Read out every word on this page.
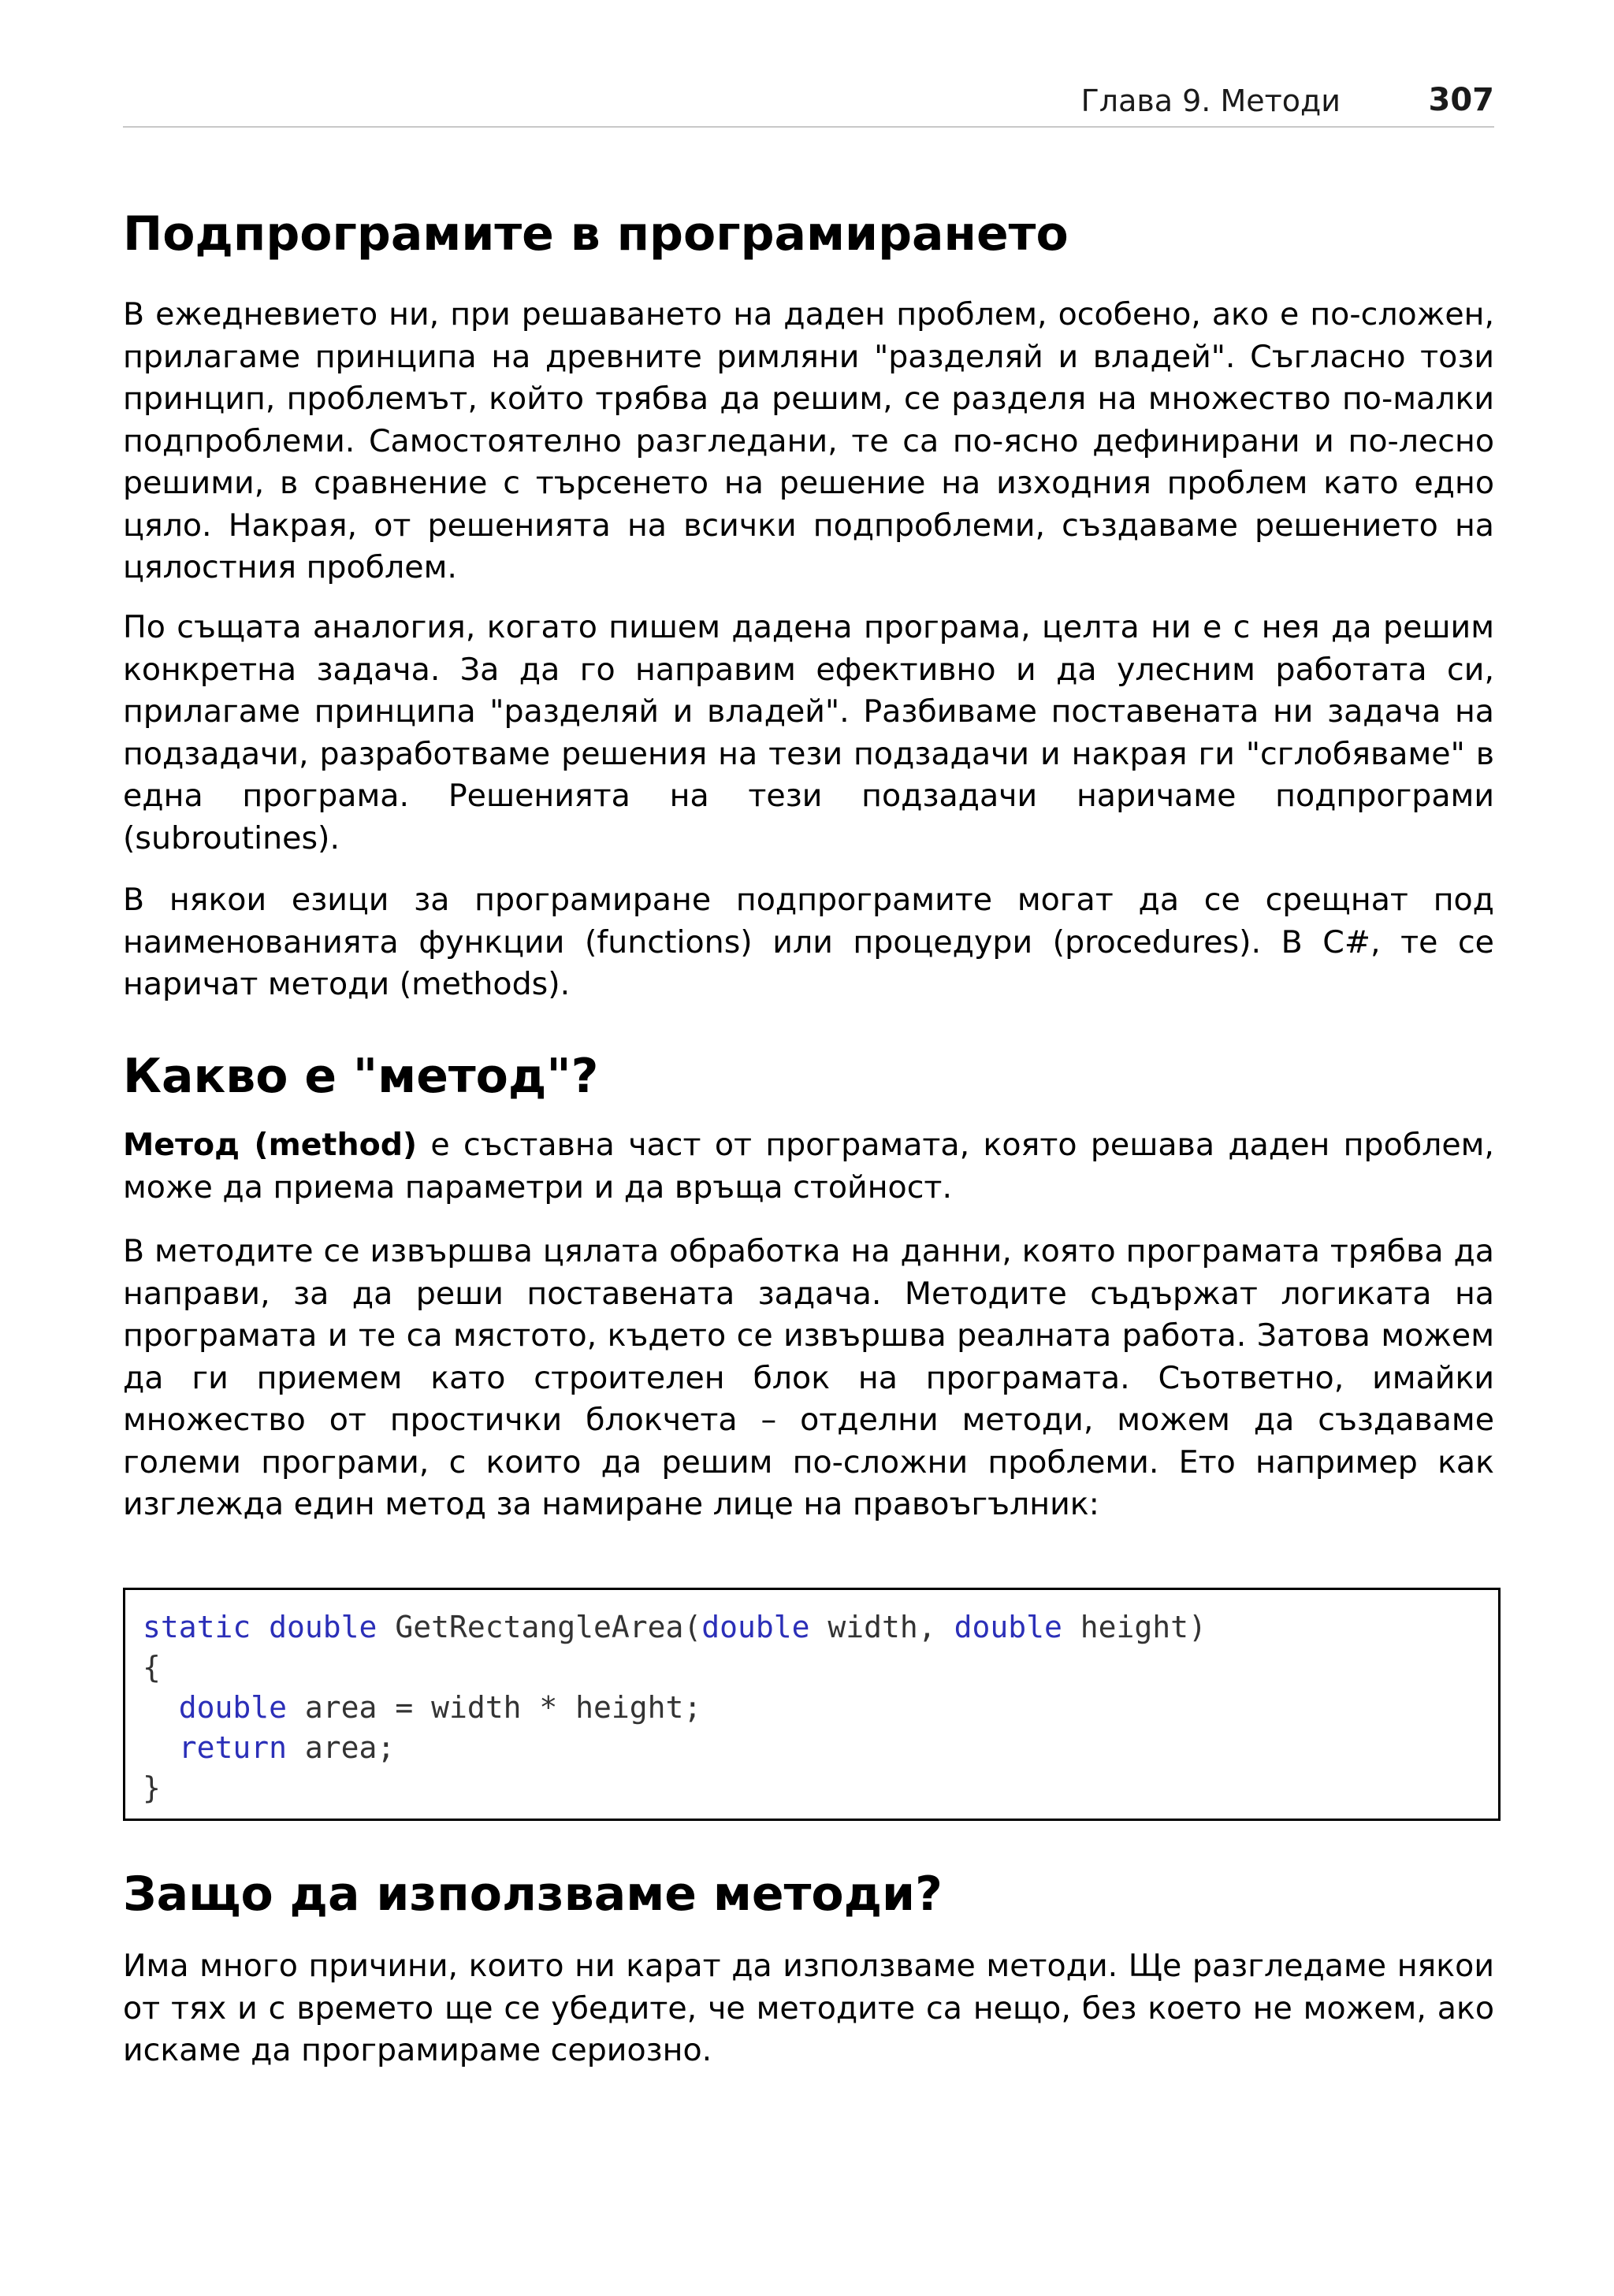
Глава 9. Методи	307
Подпрограмите в програмирането

В ежедневието ни, при решаването на даден проблем, особено, ако е по-сложен, прилагаме принципа на древните римляни "разделяй и владей". Съгласно този принцип, проблемът, който трябва да решим, се разделя на множество по-малки подпроблеми. Самостоятелно разгледани, те са по-ясно дефинирани и по-лесно решими, в сравнение с търсенето на решение на изходния проблем като едно цяло. Накрая, от решенията на всички подпроблеми, създаваме решението на цялостния проблем.

По същата аналогия, когато пишем дадена програма, целта ни е с нея да решим конкретна задача. За да го направим ефективно и да улесним работата си, прилагаме принципа "разделяй и владей". Разбиваме поставената ни задача на подзадачи, разработваме решения на тези подзадачи и накрая ги "сглобяваме" в една програма. Решенията на тези подзадачи наричаме подпрограми (subroutines).

В някои езици за програмиране подпрограмите могат да се срещнат под наименованията функции (functions) или процедури (procedures). В C#, те се наричат методи (methods).

Какво е "метод"?

Метод (method) е съставна част от програмата, която решава даден проблем, може да приема параметри и да връща стойност.

В методите се извършва цялата обработка на данни, която програмата трябва да направи, за да реши поставената задача. Методите съдържат логиката на програмата и те са мястото, където се извършва реалната работа. Затова можем да ги приемем като строителен блок на програмата. Съответно, имайки множество от простички блокчета – отделни методи, можем да създаваме големи програми, с които да решим по-сложни проблеми. Ето например как изглежда един метод за намиране лице на правоъгълник:

static double GetRectangleArea(double width, double height)
{
double area = width * height;
return area;
}
Защо да използваме методи?

Има много причини, които ни карат да използваме методи. Ще разгледаме някои от тях и с времето ще се убедите, че методите са нещо, без което не можем, ако искаме да програмираме сериозно.
